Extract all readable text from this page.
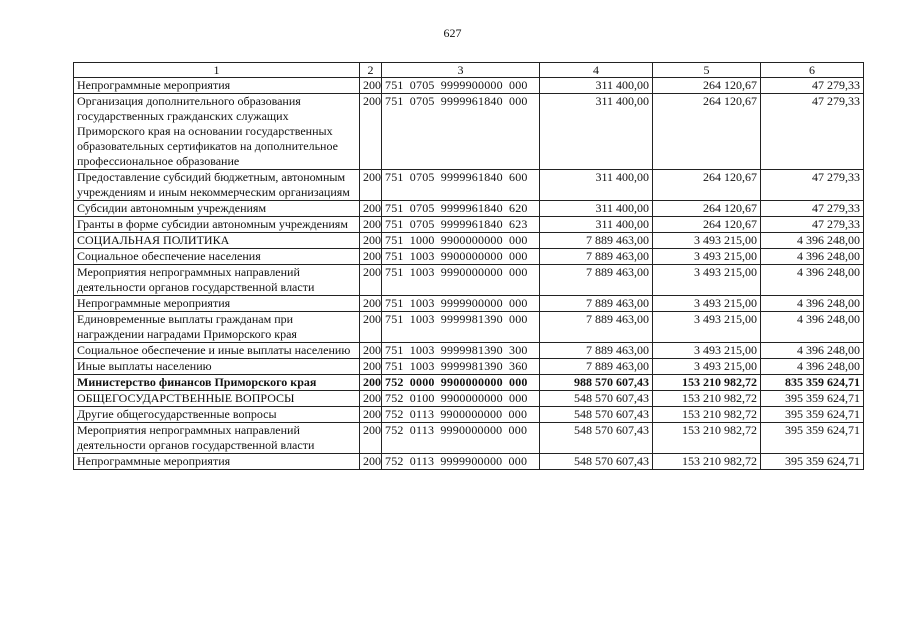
627
1	2	3	4	5	6
Непрограммные мероприятия	200	751 0705 9999900000 000	311 400,00	264 120,67	47 279,33
Организация дополнительного образования государственных гражданских служащих Приморского края на основании государственных образовательных сертификатов на дополнительное профессиональное образование	200	751 0705 9999961840 000	311 400,00	264 120,67	47 279,33
Предоставление субсидий бюджетным, автономным учреждениям и иным некоммерческим организациям	200	751 0705 9999961840 600	311 400,00	264 120,67	47 279,33
Субсидии автономным учреждениям	200	751 0705 9999961840 620	311 400,00	264 120,67	47 279,33
Гранты в форме субсидии автономным учреждениям	200	751 0705 9999961840 623	311 400,00	264 120,67	47 279,33
СОЦИАЛЬНАЯ ПОЛИТИКА	200	751 1000 9900000000 000	7 889 463,00	3 493 215,00	4 396 248,00
Социальное обеспечение населения	200	751 1003 9900000000 000	7 889 463,00	3 493 215,00	4 396 248,00
Мероприятия непрограммных направлений деятельности органов государственной власти	200	751 1003 9990000000 000	7 889 463,00	3 493 215,00	4 396 248,00
Непрограммные мероприятия	200	751 1003 9999900000 000	7 889 463,00	3 493 215,00	4 396 248,00
Единовременные выплаты гражданам при награждении наградами Приморского края	200	751 1003 9999981390 000	7 889 463,00	3 493 215,00	4 396 248,00
Социальное обеспечение и иные выплаты населению	200	751 1003 9999981390 300	7 889 463,00	3 493 215,00	4 396 248,00
Иные выплаты населению	200	751 1003 9999981390 360	7 889 463,00	3 493 215,00	4 396 248,00
Министерство финансов Приморского края	200	752 0000 9900000000 000	988 570 607,43	153 210 982,72	835 359 624,71
ОБЩЕГОСУДАРСТВЕННЫЕ ВОПРОСЫ	200	752 0100 9900000000 000	548 570 607,43	153 210 982,72	395 359 624,71
Другие общегосударственные вопросы	200	752 0113 9900000000 000	548 570 607,43	153 210 982,72	395 359 624,71
Мероприятия непрограммных направлений деятельности органов государственной власти	200	752 0113 9990000000 000	548 570 607,43	153 210 982,72	395 359 624,71
Непрограммные мероприятия	200	752 0113 9999900000 000	548 570 607,43	153 210 982,72	395 359 624,71
